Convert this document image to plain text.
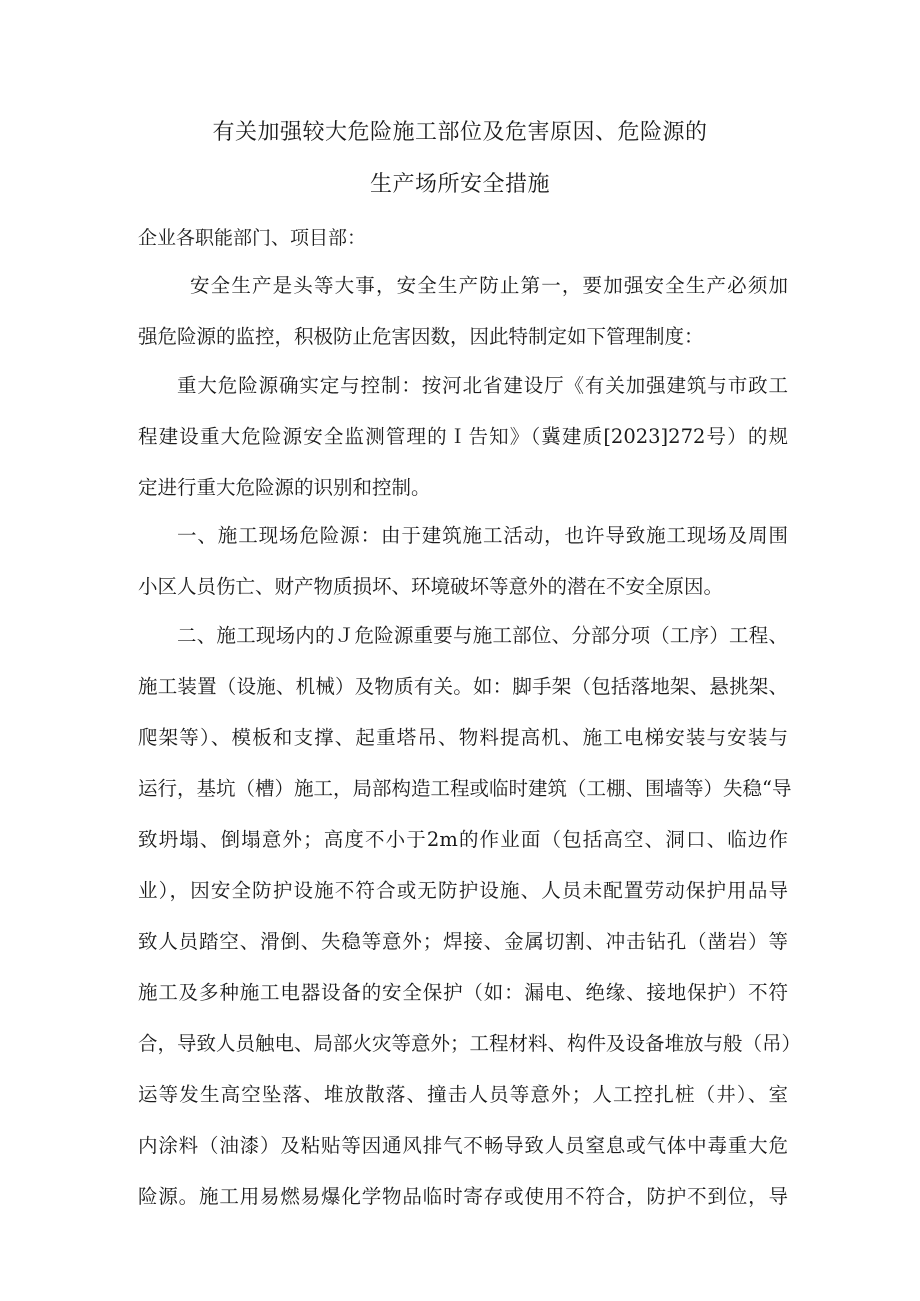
有关加强较大危险施工部位及危害原因、危险源的
生产场所安全措施
企业各职能部门、项目部：
安全生产是头等大事，安全生产防止第一，要加强安全生产必须加
强危险源的监控，积极防止危害因数，因此特制定如下管理制度：
重大危险源确实定与控制：按河北省建设厅《有关加强建筑与市政工
程建设重大危险源安全监测管理的Ｉ告知》（冀建质[2023]272号）的规
定进行重大危险源的识别和控制。
一、施工现场危险源：由于建筑施工活动，也许导致施工现场及周围
小区人员伤亡、财产物质损坏、环境破坏等意外的潜在不安全原因。
二、施工现场内的Ｊ危险源重要与施工部位、分部分项（工序）工程、
施工装置（设施、机械）及物质有关。如：脚手架（包括落地架、悬挑架、
爬架等）、模板和支撑、起重塔吊、物料提高机、施工电梯安装与安装与
运行，基坑（槽）施工，局部构造工程或临时建筑（工棚、围墙等）失稳“导
致坍塌、倒塌意外；高度不小于2m的作业面（包括高空、洞口、临边作
业），因安全防护设施不符合或无防护设施、人员未配置劳动保护用品导
致人员踏空、滑倒、失稳等意外；焊接、金属切割、冲击钻孔（凿岩）等
施工及多种施工电器设备的安全保护（如：漏电、绝缘、接地保护）不符
合，导致人员触电、局部火灾等意外；工程材料、构件及设备堆放与般（吊）
运等发生高空坠落、堆放散落、撞击人员等意外；人工控扎桩（井）、室
内涂料（油漆）及粘贴等因通风排气不畅导致人员窒息或气体中毒重大危
险源。施工用易燃易爆化学物品临时寄存或使用不符合，防护不到位，导
